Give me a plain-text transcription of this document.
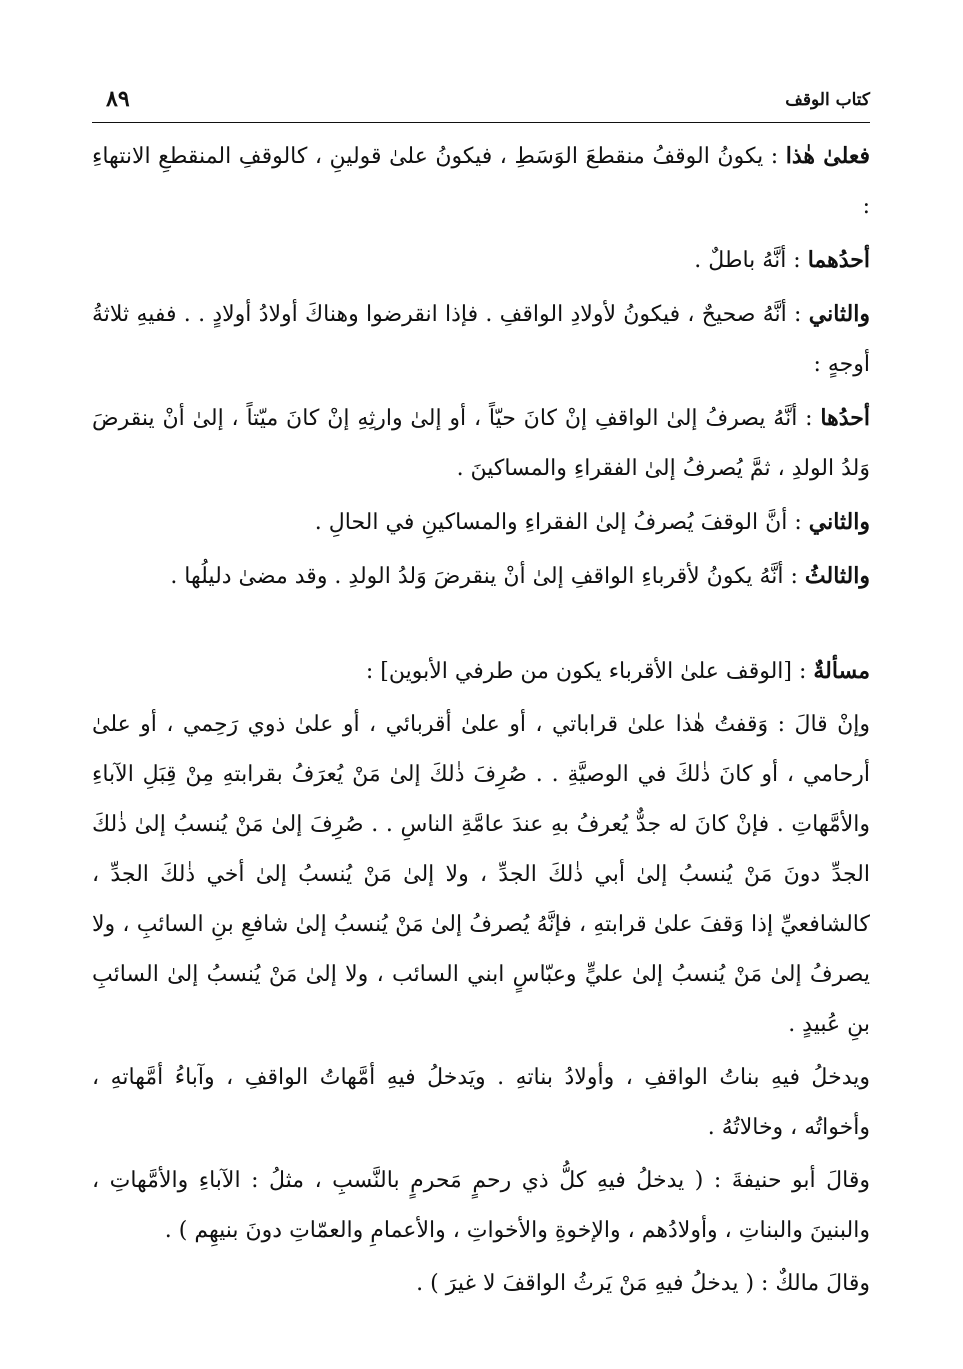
كتاب الوقف
٨٩

فعلىٰ هٰذا : يكونُ الوقفُ منقطعَ الوَسَطِ ، فيكونُ علىٰ قولينِ ، كالوقفِ المنقطعِ الانتهاءِ :

أحدُهما : أنَّهُ باطلٌ .

والثاني : أنَّهُ صحيحٌ ، فيكونُ لأولادِ الواقفِ . فإذا انقرضوا وهناكَ أولادُ أولادٍ . . ففيهِ ثلاثةُ أوجهٍ :

أحدُها : أنَّهُ يصرفُ إلىٰ الواقفِ إنْ كانَ حيّاً ، أو إلىٰ وارثِهِ إنْ كانَ ميّتاً ، إلىٰ أنْ ينقرضَ وَلدُ الولدِ ، ثمَّ يُصرفُ إلىٰ الفقراءِ والمساكينَ .

والثاني : أنَّ الوقفَ يُصرفُ إلىٰ الفقراءِ والمساكينِ في الحالِ .

والثالثُ : أنَّهُ يكونُ لأقرباءِ الواقفِ إلىٰ أنْ ينقرضَ وَلدُ الولدِ . وقد مضىٰ دليلُها .

مسألةٌ : [الوقف علىٰ الأقرباء يكون من طرفي الأبوين] :

وإنْ قالَ : وَقفتُ هٰذا علىٰ قراباتي ، أو علىٰ أقربائي ، أو علىٰ ذوي رَحِمي ، أو علىٰ أرحامي ، أو كانَ ذٰلكَ في الوصيَّةِ . . صُرِفَ ذٰلكَ إلىٰ مَنْ يُعرَفُ بقرابتهِ مِنْ قِبَلِ الآباءِ والأمَّهاتِ . فإنْ كانَ له جدٌّ يُعرفُ بهِ عندَ عامَّةِ الناسِ . . صُرِفَ إلىٰ مَنْ يُنسبُ إلىٰ ذٰلكَ الجدِّ دونَ مَنْ يُنسبُ إلىٰ أبي ذٰلكَ الجدِّ ، ولا إلىٰ مَنْ يُنسبُ إلىٰ أخي ذٰلكَ الجدِّ ، كالشافعيِّ إذا وَقفَ علىٰ قرابتهِ ، فإنَّهُ يُصرفُ إلىٰ مَنْ يُنسبُ إلىٰ شافعِ بنِ السائبِ ، ولا يصرفُ إلىٰ مَنْ يُنسبُ إلىٰ عليٍّ وعبّاسٍ ابني السائب ، ولا إلىٰ مَنْ يُنسبُ إلىٰ السائبِ بنِ عُبيدٍ .

ويدخلُ فيهِ بناتُ الواقفِ ، وأولادُ بناتهِ . ويَدخلُ فيهِ أمَّهاتُ الواقفِ ، وآباءُ أمَّهاتهِ ، وأخواتُه ، وخالاتُهُ .

وقالَ أبو حنيفةَ : ( يدخلُ فيهِ كلُّ ذي رحمٍ مَحرمٍ بالنَّسبِ ، مثلُ : الآباءِ والأمَّهاتِ ، والبنينَ والبناتِ ، وأولادُهم ، والإخوةِ والأخواتِ ، والأعمامِ والعمّاتِ دونَ بنيهِم ) .

وقالَ مالكٌ : ( يدخلُ فيهِ مَنْ يَرثُ الواقفَ لا غيرَ ) .
